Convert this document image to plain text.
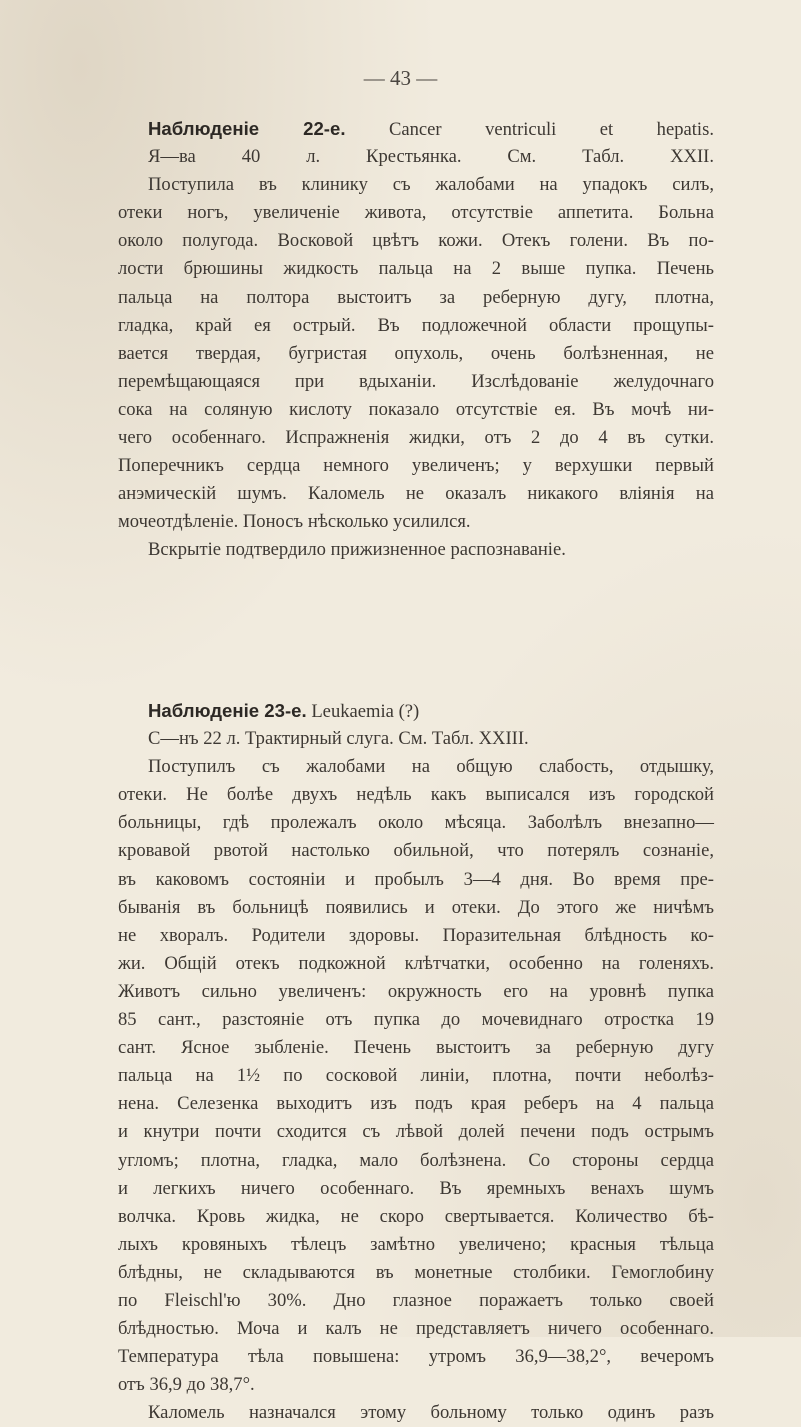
— 43 —
Наблюденіе 22-е. Cancer ventriculi et hepatis.
Я—ва 40 л. Крестьянка. См. Табл. XXII.
Поступила въ клинику съ жалобами на упадокъ силъ,
отеки ногъ, увеличеніе живота, отсутствіе аппетита. Больна
около полугода. Восковой цвѣтъ кожи. Отекъ голени. Въ по-
лости брюшины жидкость пальца на 2 выше пупка. Печень
пальца на полтора выстоитъ за реберную дугу, плотна,
гладка, край ея острый. Въ подложечной области прощупы-
вается твердая, бугристая опухоль, очень болѣзненная, не
перемѣщающаяся при вдыханіи. Изслѣдованіе желудочнаго
сока на соляную кислоту показало отсутствіе ея. Въ мочѣ ни-
чего особеннаго. Испражненія жидки, отъ 2 до 4 въ сутки.
Поперечникъ сердца немного увеличенъ; у верхушки первый
анэмическій шумъ. Каломель не оказалъ никакого вліянія на
мочеотдѣленіе. Поносъ нѣсколько усилился.
Вскрытіе подтвердило прижизненное распознаваніе.
Наблюденіе 23-е. Leukaemia (?)
С—нъ 22 л. Трактирный слуга. См. Табл. XXIII.
Поступилъ съ жалобами на общую слабость, отдышку,
отеки. Не болѣе двухъ недѣль какъ выписался изъ городской
больницы, гдѣ пролежалъ около мѣсяца. Заболѣлъ внезапно—
кровавой рвотой настолько обильной, что потерялъ сознаніе,
въ каковомъ состояніи и пробылъ 3—4 дня. Во время пре-
быванія въ больницѣ появились и отеки. До этого же ничѣмъ
не хворалъ. Родители здоровы. Поразительная блѣдность ко-
жи. Общій отекъ подкожной клѣтчатки, особенно на голеняхъ.
Животъ сильно увеличенъ: окружность его на уровнѣ пупка
85 сант., разстояніе отъ пупка до мочевиднаго отростка 19
сант. Ясное зыбленіе. Печень выстоитъ за реберную дугу
пальца на 1½ по сосковой линіи, плотна, почти неболѣз-
нена. Селезенка выходитъ изъ подъ края реберъ на 4 пальца
и кнутри почти сходится съ лѣвой долей печени подъ острымъ
угломъ; плотна, гладка, мало болѣзнена. Со стороны сердца
и легкихъ ничего особеннаго. Въ яремныхъ венахъ шумъ
волчка. Кровь жидка, не скоро свертывается. Количество бѣ-
лыхъ кровяныхъ тѣлецъ замѣтно увеличено; красныя тѣльца
блѣдны, не складываются въ монетные столбики. Гемоглобину
по Fleischl'ю 30%. Дно глазное поражаетъ только своей
блѣдностью. Моча и калъ не представляетъ ничего особеннаго.
Температура тѣла повышена: утромъ 36,9—38,2°, вечеромъ
отъ 36,9 до 38,7°.
Каломель назначался этому больному только одинъ разъ
